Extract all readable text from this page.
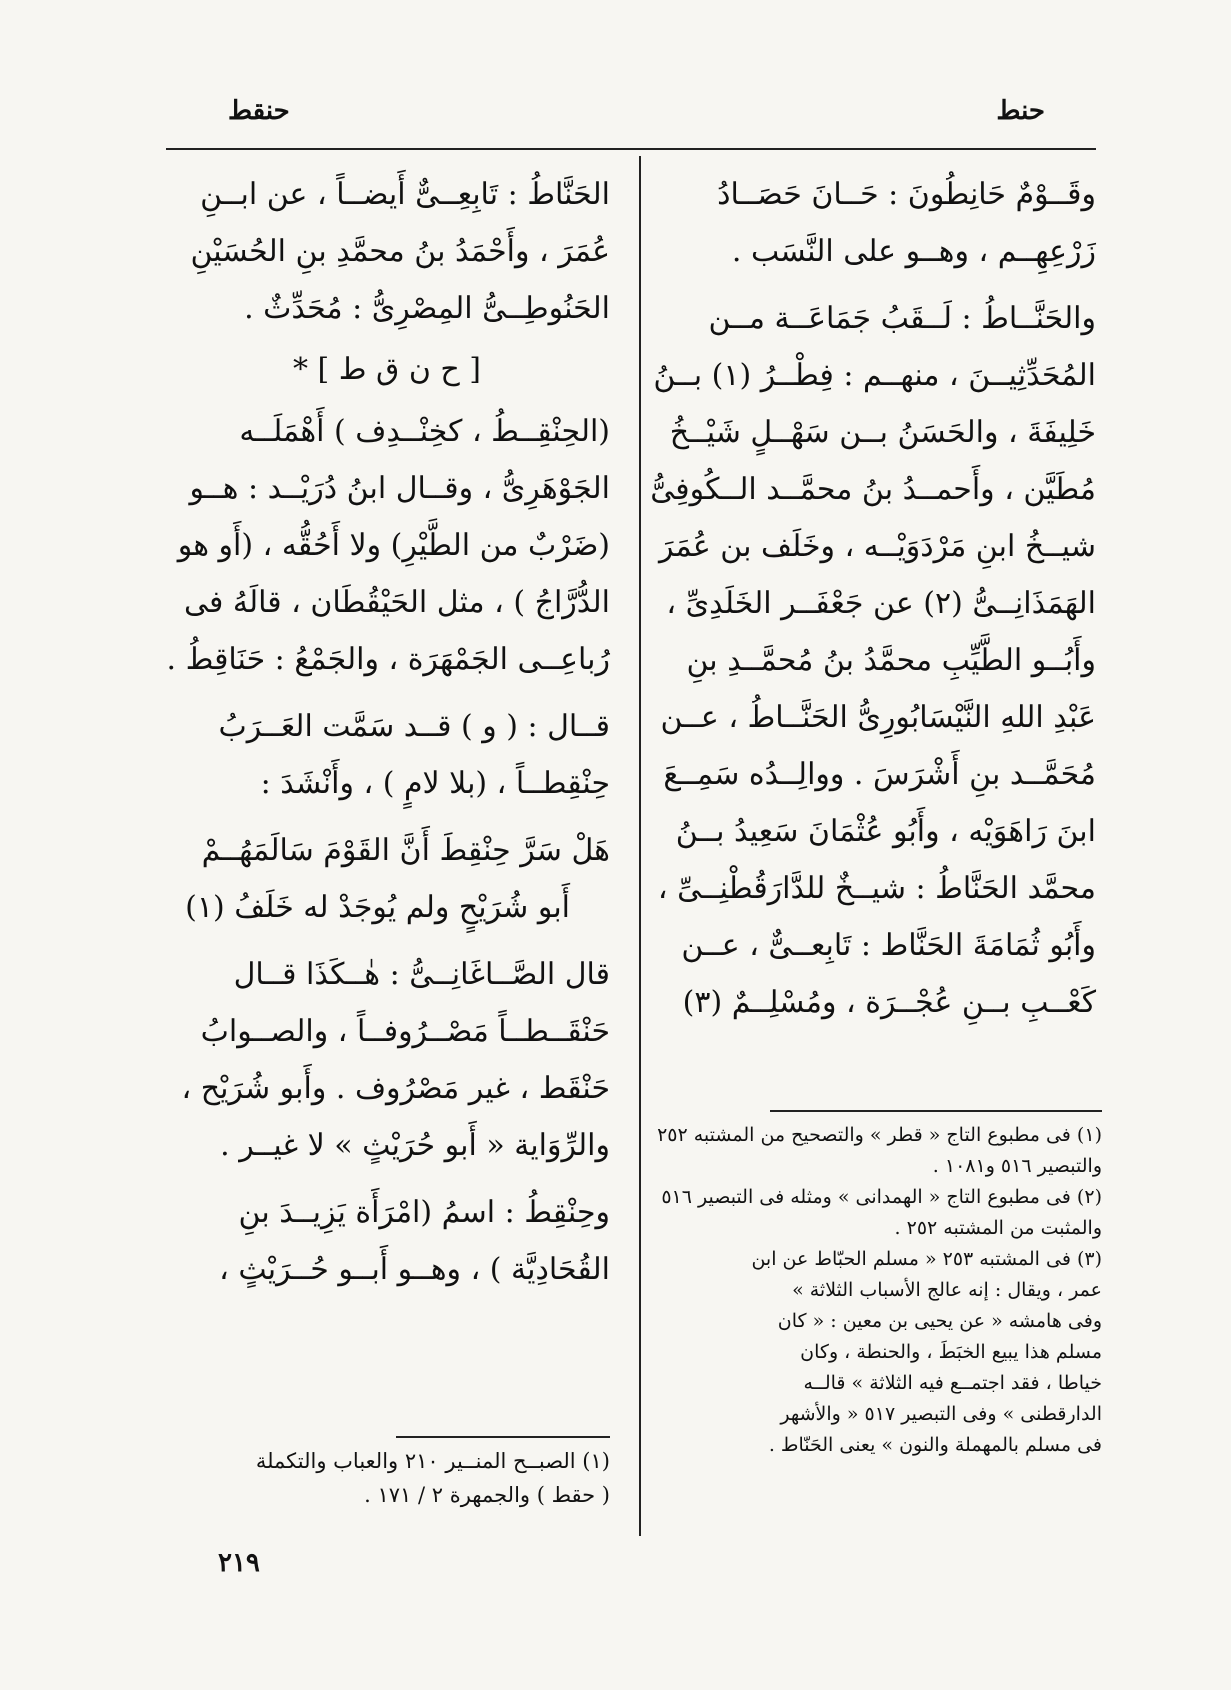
حنقط	حنط
وقَــوْمٌ حَانِطُونَ : حَــانَ حَصَــادُ
زَرْعِهِــم ، وهــو على النَّسَب .
والحَنَّــاطُ : لَــقَبُ جَمَاعَــة مــن
المُحَدِّثِيــنَ ، منهــم : فِطْــرُ (١) بــنُ
خَلِيفَةَ ، والحَسَنُ بــن سَهْــلٍ شَيْــخُ
مُطَيَّن ، وأَحمــدُ بنُ محمَّــد الــكُوفِىُّ
شيــخُ ابنِ مَرْدَوَيْــه ، وخَلَف بن عُمَرَ
الهَمَذَانِــىُّ (٢) عن جَعْفَــر الخَلَدِىِّ ،
وأَبُــو الطَّيِّبِ محمَّدُ بنُ مُحمَّــدِ بنِ
عَبْدِ اللهِ النَّيْسَابُورِىُّ الحَنَّــاطُ ، عــن
مُحَمَّــد بنِ أَشْرَسَ . ووالِــدُه سَمِــعَ
ابنَ رَاهَوَيْه ، وأَبُو عُثْمَانَ سَعِيدُ بــنُ
محمَّد الحَنَّاطُ : شيــخٌ للدَّارَقُطْنِــىِّ ،
وأَبُو ثُمَامَةَ الحَنَّاط : تَابِعــىٌّ ، عــن
كَعْــبِ بــنِ عُجْــرَة ، ومُسْلِــمٌ (٣)
(١) فى مطبوع التاج « قطر » والتصحيح من المشتبه ٢٥٢
والتبصير ٥١٦ و١٠٨١ .
(٢) فى مطبوع التاج « الهمدانى » ومثله فى التبصير ٥١٦
والمثبت من المشتبه ٢٥٢ .
(٣) فى المشتبه ٢٥٣ « مسلم الحبّاط عن ابن
عمر ، ويقال : إنه عالج الأسباب الثلاثة »
وفى هامشه « عن يحيى بن معين : « كان
مسلم هذا يبيع الخبَطَ ، والحنطة ، وكان
خياطا ، فقد اجتمــع فيه الثلاثة » قالــه
الدارقطنى » وفى التبصير ٥١٧ « والأشهر
فى مسلم بالمهملة والنون » يعنى الحَنّاط .
الحَنَّاطُ : تَابِعِــىٌّ أَيضــاً ، عن ابــنِ
عُمَرَ ، وأَحْمَدُ بنُ محمَّدِ بنِ الحُسَيْنِ
الحَنُوطِــىُّ المِصْرِىُّ : مُحَدِّثٌ .
[ ح ن ق ط ] *
(الحِنْقِــطُ ، كخِنْــدِف ) أَهْمَلَــه
الجَوْهَرِىُّ ، وقــال ابنُ دُرَيْــد : هــو
(ضَرْبٌ من الطَّيْرِ) ولا أَحُقُّه ، (أَو هو
الدُّرَّاجُ ) ، مثل الحَيْقُطَان ، قالَهُ فى
رُباعِــى الجَمْهَرَة ، والجَمْعُ : حَنَاقِطُ .
قــال : ( و ) قــد سَمَّت العَــرَبُ
حِنْقِطــاً ، (بلا لامٍ ) ، وأَنْشَدَ :
هَلْ سَرَّ حِنْقِطَ أَنَّ القَوْمَ سَالَمَهُــمْ
أَبو شُرَيْحٍ ولم يُوجَدْ له خَلَفُ (١)
قال الصَّــاغَانِــىُّ : هٰــكَذَا قــال
حَنْقَــطــاً مَصْــرُوفــاً ، والصــوابُ
حَنْقَط ، غير مَصْرُوف . وأَبو شُرَيْح ،
والرِّوَاية « أَبو حُرَيْثٍ » لا غيــر .
وحِنْقِطُ : اسمُ (امْرَأَة يَزِيــدَ بنِ
القُحَادِيَّة ) ، وهــو أَبــو حُــرَيْثٍ ،
(١) الصبــح المنــير ٢١٠ والعباب والتكملة
( حقط ) والجمهرة ٢ / ١٧١ .
٢١٩
